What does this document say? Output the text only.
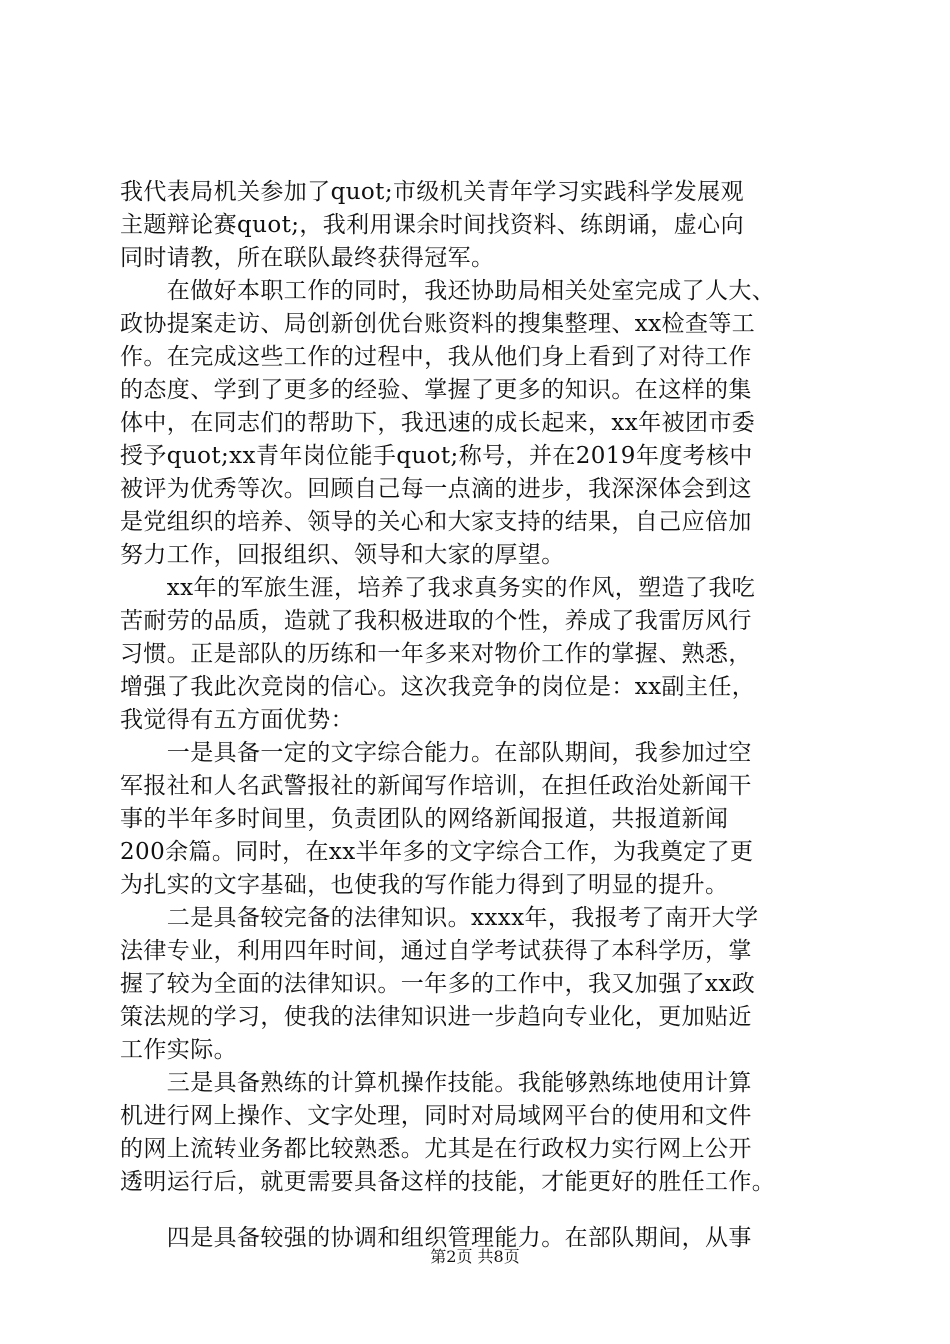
我代表局机关参加了quot;市级机关青年学习实践科学发展观
主题辩论赛quot;，我利用课余时间找资料、练朗诵，虚心向
同时请教，所在联队最终获得冠军。
　　在做好本职工作的同时，我还协助局相关处室完成了人大、
政协提案走访、局创新创优台账资料的搜集整理、xx检查等工
作。在完成这些工作的过程中，我从他们身上看到了对待工作
的态度、学到了更多的经验、掌握了更多的知识。在这样的集
体中，在同志们的帮助下，我迅速的成长起来，xx年被团市委
授予quot;xx青年岗位能手quot;称号，并在2019年度考核中
被评为优秀等次。回顾自己每一点滴的进步，我深深体会到这
是党组织的培养、领导的关心和大家支持的结果，自己应倍加
努力工作，回报组织、领导和大家的厚望。
　　xx年的军旅生涯，培养了我求真务实的作风，塑造了我吃
苦耐劳的品质，造就了我积极进取的个性，养成了我雷厉风行
习惯。正是部队的历练和一年多来对物价工作的掌握、熟悉，
增强了我此次竞岗的信心。这次我竞争的岗位是：xx副主任，
我觉得有五方面优势：
　　一是具备一定的文字综合能力。在部队期间，我参加过空
军报社和人名武警报社的新闻写作培训，在担任政治处新闻干
事的半年多时间里，负责团队的网络新闻报道，共报道新闻
200余篇。同时，在xx半年多的文字综合工作，为我奠定了更
为扎实的文字基础，也使我的写作能力得到了明显的提升。
　　二是具备较完备的法律知识。xxxx年，我报考了南开大学
法律专业，利用四年时间，通过自学考试获得了本科学历，掌
握了较为全面的法律知识。一年多的工作中，我又加强了xx政
策法规的学习，使我的法律知识进一步趋向专业化，更加贴近
工作实际。
　　三是具备熟练的计算机操作技能。我能够熟练地使用计算
机进行网上操作、文字处理，同时对局域网平台的使用和文件
的网上流转业务都比较熟悉。尤其是在行政权力实行网上公开
透明运行后，就更需要具备这样的技能，才能更好的胜任工作。
　　四是具备较强的协调和组织管理能力。在部队期间，从事
第2页 共8页
